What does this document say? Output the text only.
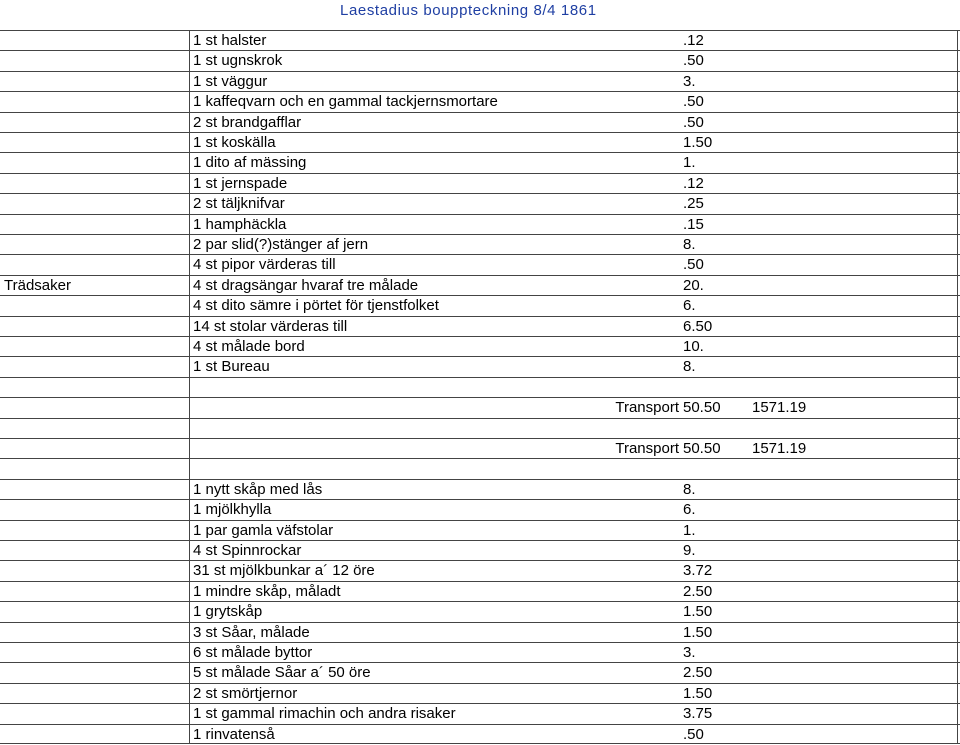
Laestadius bouppteckning 8/4 1861
1 st halster	.12
1 st ugnskrok	.50
1 st väggur	3.
1 kaffeqvarn och en gammal tackjernsmortare	.50
2 st brandgafflar	.50
1 st koskälla	1.50
1 dito af mässing	1.
1 st jernspade	.12
2 st täljknifvar	.25
1 hamphäckla	.15
2 par slid(?)stänger af jern	8.
4 st pipor värderas till	.50
Trädsaker	4 st dragsängar hvaraf tre målade	20.
4 st dito sämre i pörtet för tjenstfolket	6.
14 st stolar värderas till	6.50
4 st målade bord	10.
1 st Bureau	8.
Transport 50.50	1571.19
Transport 50.50	1571.19
1 nytt skåp med lås	8.
1 mjölkhylla	6.
1 par gamla väfstolar	1.
4 st Spinnrockar	9.
31 st mjölkbunkar a´ 12 öre	3.72
1 mindre skåp, måladt	2.50
1 grytskåp	1.50
3 st Såar, målade	1.50
6 st målade byttor	3.
5 st målade Såar a´ 50 öre	2.50
2 st smörtjernor	1.50
1 st gammal rimachin och andra risaker	3.75
1 rinvatenså	.50
